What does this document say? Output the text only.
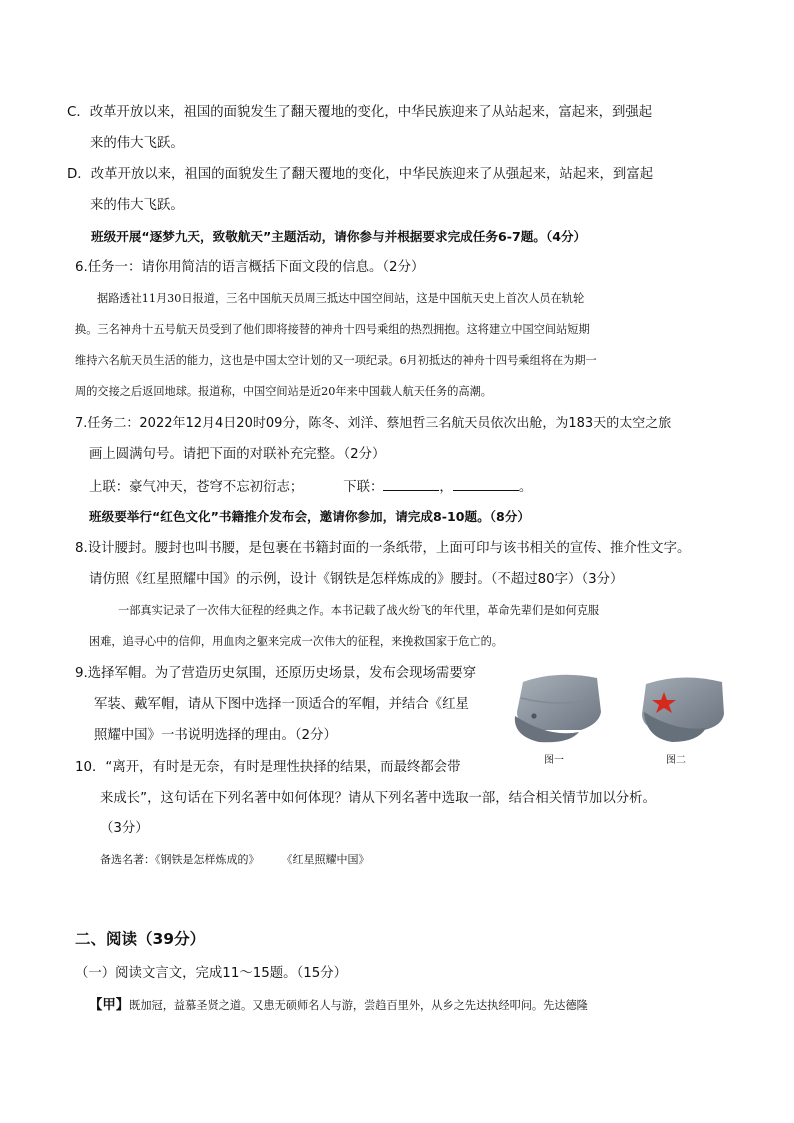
C．改革开放以来，祖国的面貌发生了翻天覆地的变化，中华民族迎来了从站起来，富起来，到强起
来的伟大飞跃。
D．改革开放以来，祖国的面貌发生了翻天覆地的变化，中华民族迎来了从强起来，站起来，到富起
来的伟大飞跃。
班级开展“逐梦九天，致敬航天”主题活动，请你参与并根据要求完成任务6-7题。（4分）
6.任务一：请你用简洁的语言概括下面文段的信息。（2分）
据路透社11月30日报道，三名中国航天员周三抵达中国空间站，这是中国航天史上首次人员在轨轮
换。三名神舟十五号航天员受到了他们即将接替的神舟十四号乘组的热烈拥抱。这将建立中国空间站短期
维持六名航天员生活的能力，这也是中国太空计划的又一项纪录。6月初抵达的神舟十四号乘组将在为期一
周的交接之后返回地球。报道称，中国空间站是近20年来中国载人航天任务的高潮。
7.任务二：2022年12月4日20时09分，陈冬、刘洋、蔡旭哲三名航天员依次出舱，为183天的太空之旅
画上圆满句号。请把下面的对联补充完整。（2分）
上联：豪气冲天，苍穹不忘初衍志；	下联：	，	。
班级要举行“红色文化”书籍推介发布会，邀请你参加，请完成8-10题。（8分）
8.设计腰封。腰封也叫书腰，是包裹在书籍封面的一条纸带，上面可印与该书相关的宣传、推介性文字。
请仿照《红星照耀中国》的示例，设计《钢铁是怎样炼成的》腰封。（不超过80字）（3分）
一部真实记录了一次伟大征程的经典之作。本书记载了战火纷飞的年代里，革命先辈们是如何克服
困难，追寻心中的信仰，用血肉之躯来完成一次伟大的征程，来挽救国家于危亡的。
9.选择军帽。为了营造历史氛围，还原历史场景，发布会现场需要穿
军装、戴军帽，请从下图中选择一顶适合的军帽，并结合《红星
照耀中国》一书说明选择的理由。（2分）
图一	图二
10．“离开，有时是无奈，有时是理性抉择的结果，而最终都会带
来成长”，这句话在下列名著中如何体现？请从下列名著中选取一部，结合相关情节加以分析。
（3分）
备选名著：《钢铁是怎样炼成的》 《红星照耀中国》
二、阅读（39分）
（一）阅读文言文，完成11～15题。（15分）
【甲】既加冠，益慕圣贤之道。又患无硕师名人与游，尝趋百里外，从乡之先达执经叩问。先达德隆
